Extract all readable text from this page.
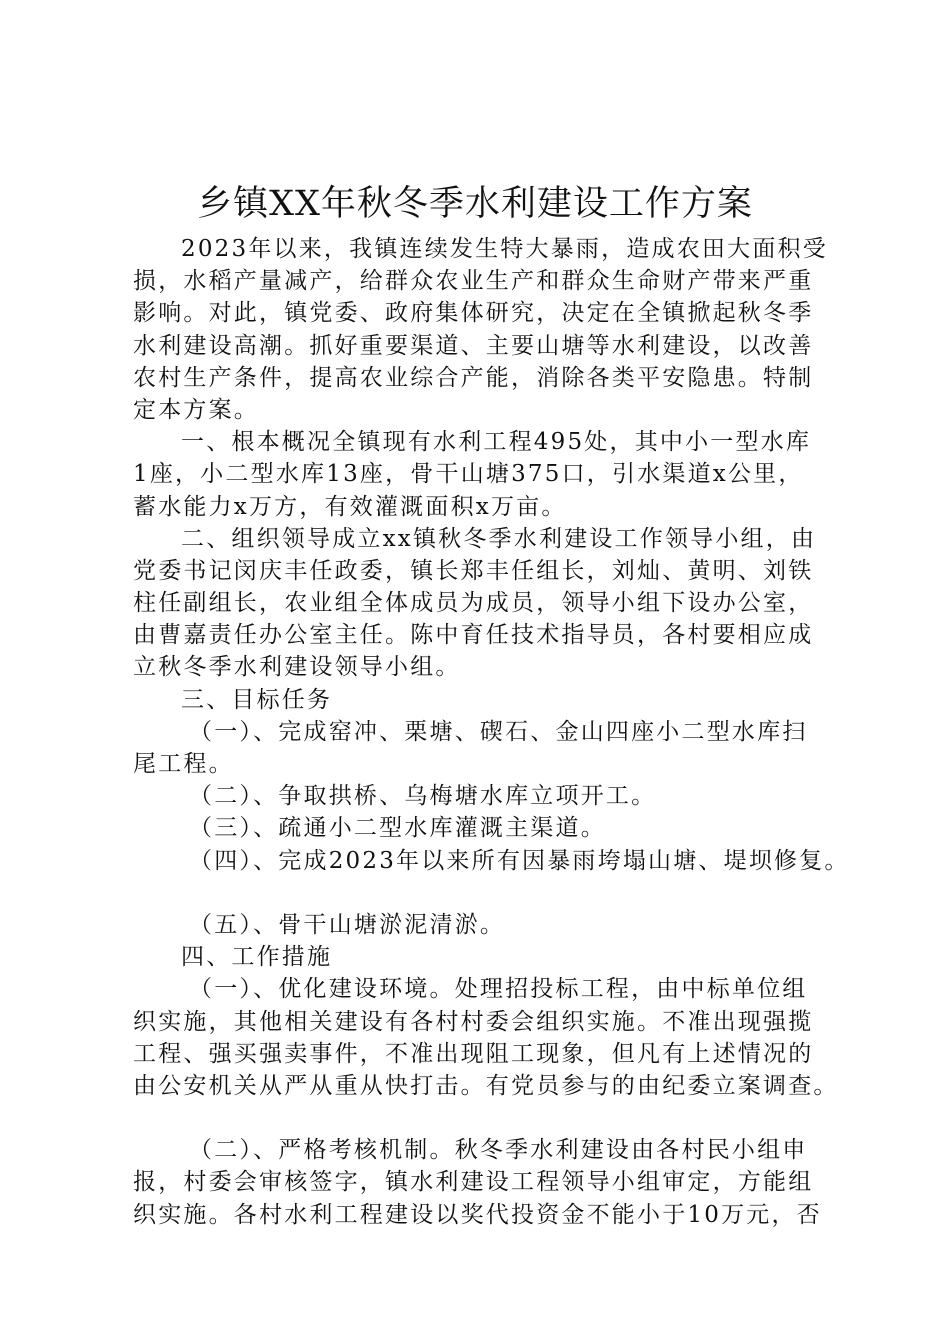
乡镇XX年秋冬季水利建设工作方案
2023年以来，我镇连续发生特大暴雨，造成农田大面积受
损，水稻产量减产，给群众农业生产和群众生命财产带来严重
影响。对此，镇党委、政府集体研究，决定在全镇掀起秋冬季
水利建设高潮。抓好重要渠道、主要山塘等水利建设，以改善
农村生产条件，提高农业综合产能，消除各类平安隐患。特制
定本方案。
一、根本概况全镇现有水利工程495处，其中小一型水库
1座，小二型水库13座，骨干山塘375口，引水渠道x公里，
蓄水能力x万方，有效灌溉面积x万亩。
二、组织领导成立xx镇秋冬季水利建设工作领导小组，由
党委书记闵庆丰任政委，镇长郑丰任组长，刘灿、黄明、刘铁
柱任副组长，农业组全体成员为成员，领导小组下设办公室，
由曹嘉责任办公室主任。陈中育任技术指导员，各村要相应成
立秋冬季水利建设领导小组。
三、目标任务
（一）、完成窑冲、栗塘、碶石、金山四座小二型水库扫
尾工程。
（二）、争取拱桥、乌梅塘水库立项开工。
（三）、疏通小二型水库灌溉主渠道。
（四）、完成2023年以来所有因暴雨垮塌山塘、堤坝修复。
（五）、骨干山塘淤泥清淤。
四、工作措施
（一）、优化建设环境。处理招投标工程，由中标单位组
织实施，其他相关建设有各村村委会组织实施。不准出现强揽
工程、强买强卖事件，不准出现阻工现象，但凡有上述情况的
由公安机关从严从重从快打击。有党员参与的由纪委立案调查。
（二）、严格考核机制。秋冬季水利建设由各村民小组申
报，村委会审核签字，镇水利建设工程领导小组审定，方能组
织实施。各村水利工程建设以奖代投资金不能小于10万元，否
